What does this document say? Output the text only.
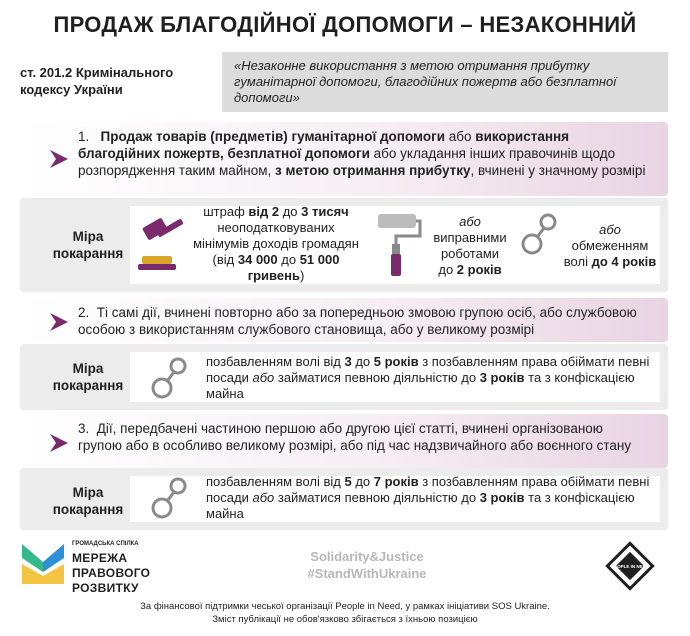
ПРОДАЖ БЛАГОДІЙНОЇ ДОПОМОГИ – НЕЗАКОННИЙ
ст. 201.2 Кримінального
кодексу України
«Незаконне використання з метою отримання прибутку гуманітарної допомоги, благодійних пожертв або безплатної допомоги»
1. Продаж товарів (предметів) гуманітарної допомоги або використання благодійних пожертв, безплатної допомоги або укладання інших правочинів щодо розпорядження таким майном, з метою отримання прибутку, вчинені у значному розмірі
Міра
покарання
штраф від 2 до 3 тисяч неоподатковуваних мінімумів доходів громадян (від 34 000 до 51 000 гривень)
або
виправними
роботами
до 2 років
або
обмеженням
волі до 4 років
2. Ті самі дії, вчинені повторно або за попередньою змовою групою осіб, або службовою особою з використанням службового становища, або у великому розмірі
Міра
покарання
позбавленням волі від 3 до 5 років з позбавленням права обіймати певні посади або займатися певною діяльністю до 3 років та з конфіскацією майна
3. Дії, передбачені частиною першою або другою цієї статті, вчинені організованою групою або в особливо великому розмірі, або під час надзвичайного або воєнного стану
Міра
покарання
позбавленням волі від 5 до 7 років з позбавленням права обіймати певні посади або займатися певною діяльністю до 3 років та з конфіскацією майна
ГРОМАДСЬКА СПІЛКА
МЕРЕЖА
ПРАВОВОГО
РОЗВИТКУ
Solidarity&Justice
#StandWithUkraine	PEOPLE IN NEED
За фінансової підтримки чеської організації People in Need, у рамках ініціативи SOS Ukraine.
Зміст публікації не обов'язково збігається з їхньою позицією
